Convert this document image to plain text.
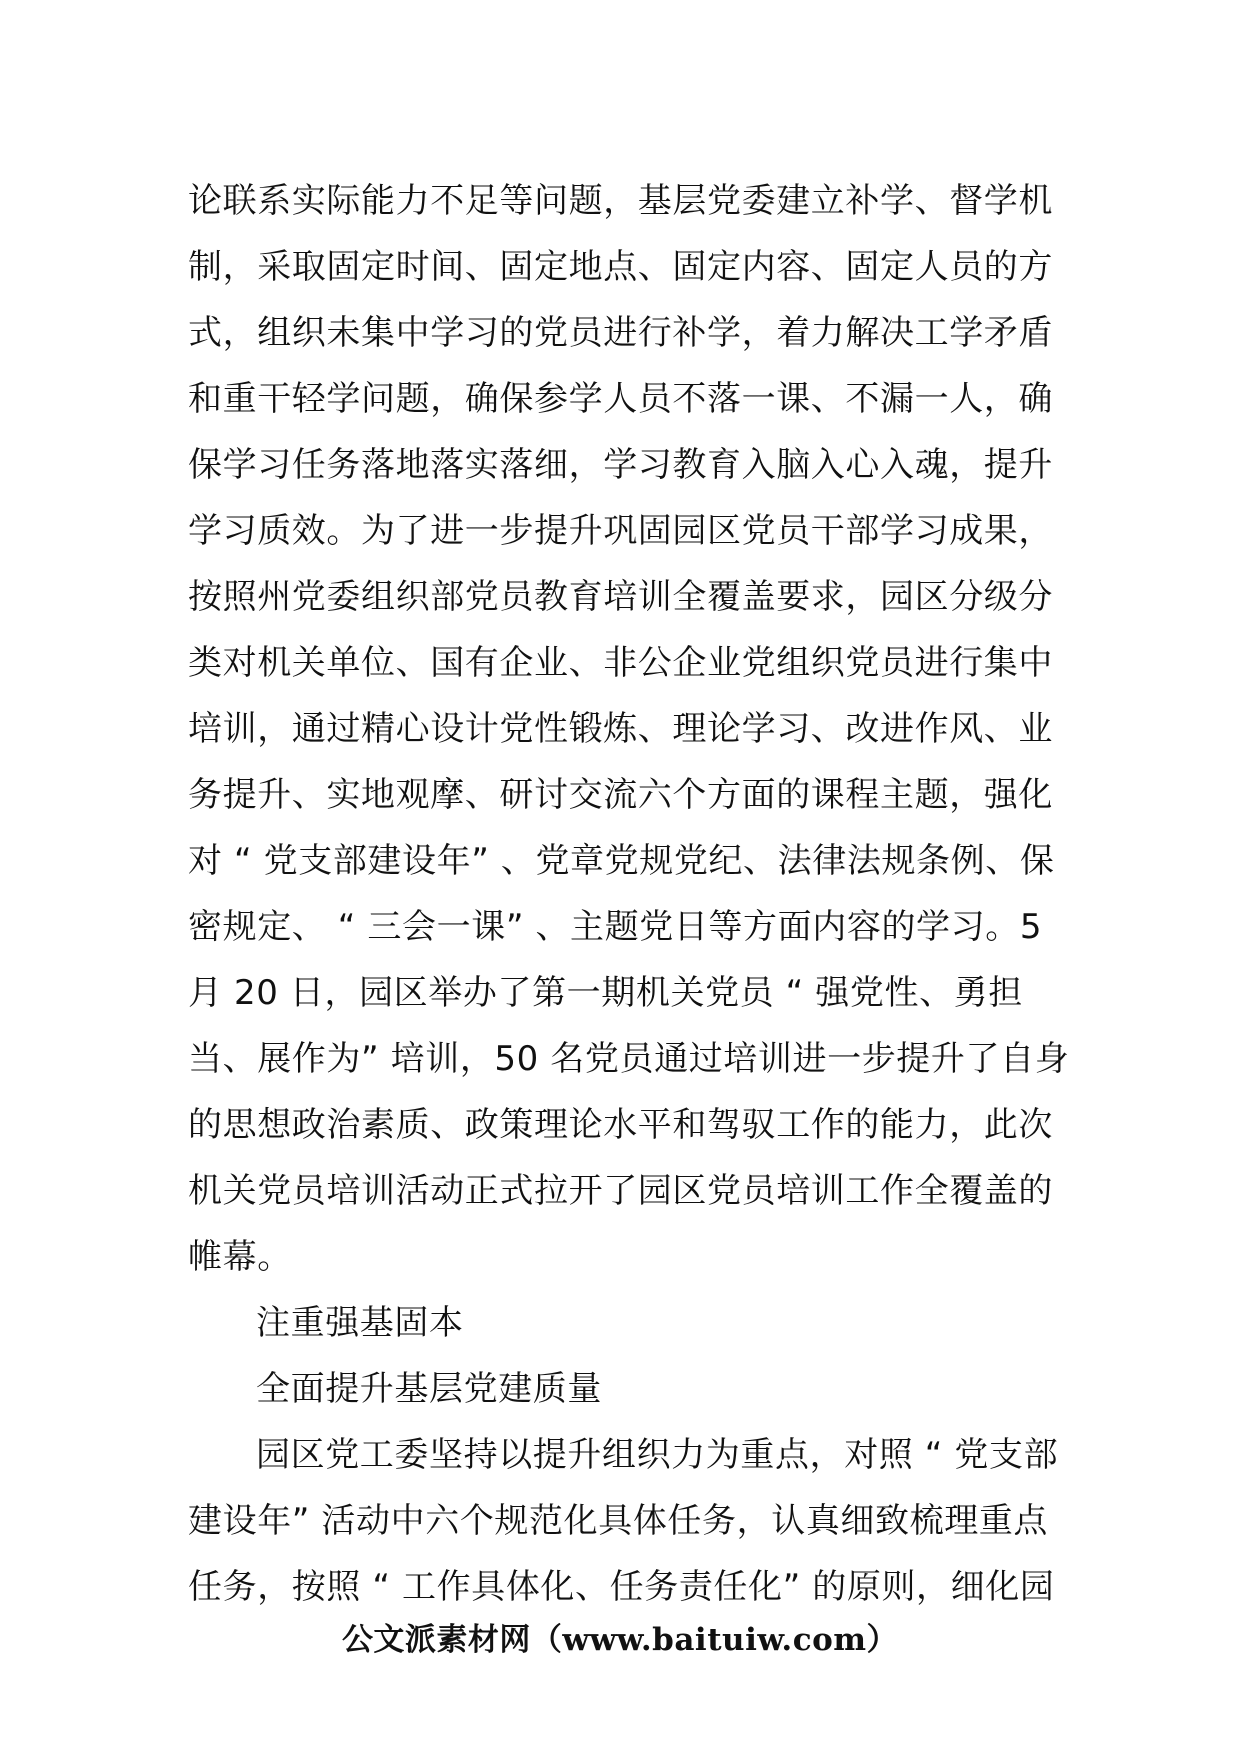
论联系实际能力不足等问题，基层党委建立补学、督学机
制，采取固定时间、固定地点、固定内容、固定人员的方
式，组织未集中学习的党员进行补学，着力解决工学矛盾
和重干轻学问题，确保参学人员不落一课、不漏一人，确
保学习任务落地落实落细，学习教育入脑入心入魂，提升
学习质效。为了进一步提升巩固园区党员干部学习成果，
按照州党委组织部党员教育培训全覆盖要求，园区分级分
类对机关单位、国有企业、非公企业党组织党员进行集中
培训，通过精心设计党性锻炼、理论学习、改进作风、业
务提升、实地观摩、研讨交流六个方面的课程主题，强化
对 “ 党支部建设年” 、党章党规党纪、法律法规条例、保
密规定、 “ 三会一课” 、主题党日等方面内容的学习。5
月 20 日，园区举办了第一期机关党员 “ 强党性、勇担
当、展作为” 培训，50 名党员通过培训进一步提升了自身
的思想政治素质、政策理论水平和驾驭工作的能力，此次
机关党员培训活动正式拉开了园区党员培训工作全覆盖的
帷幕。
注重强基固本
全面提升基层党建质量
园区党工委坚持以提升组织力为重点，对照 “ 党支部
建设年” 活动中六个规范化具体任务，认真细致梳理重点
任务，按照 “ 工作具体化、任务责任化” 的原则，细化园
公文派素材网（www.baituiw.com）
